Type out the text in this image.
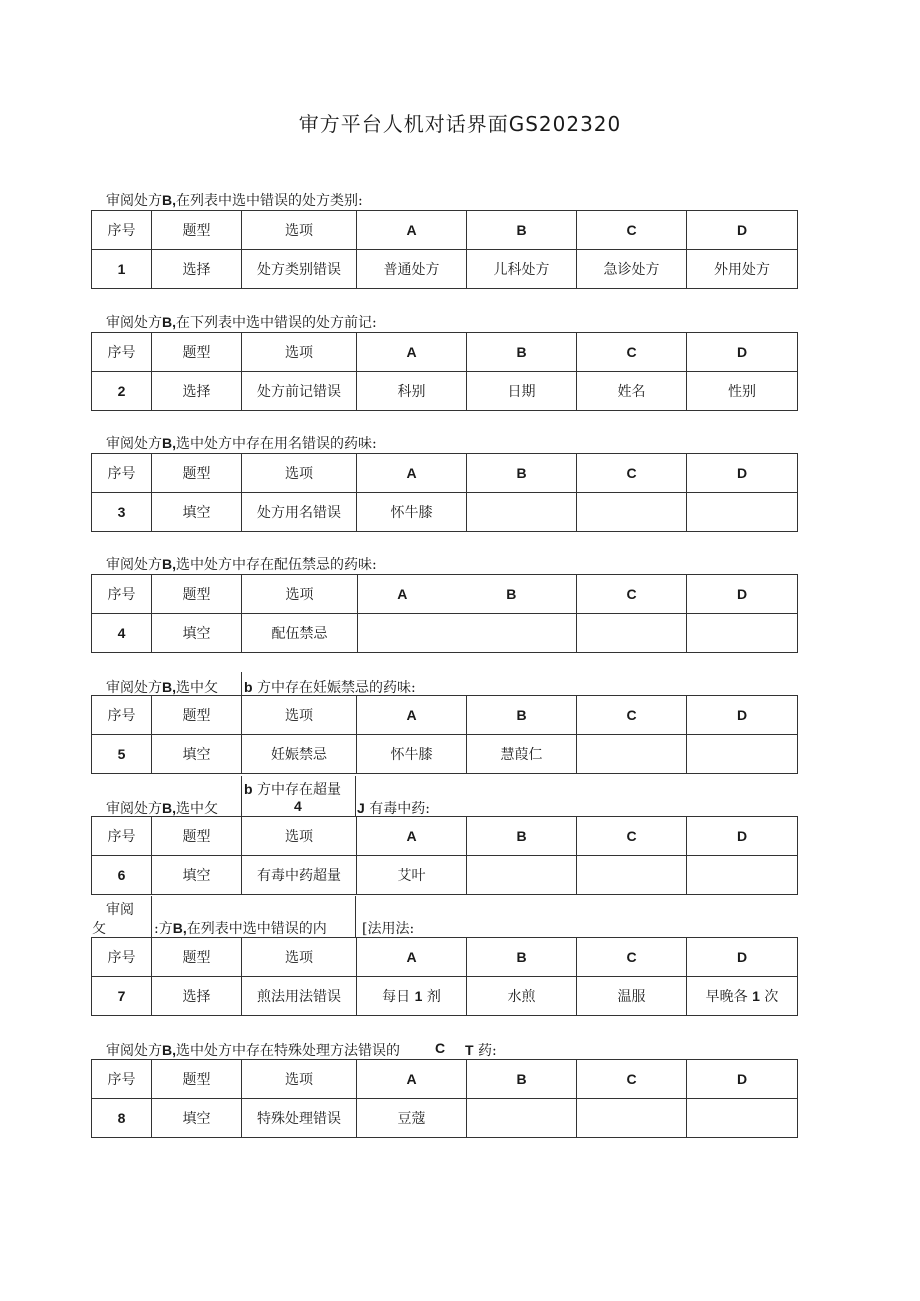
审方平台人机对话界面GS202320
审阅处方B,在列表中选中错误的处方类别:
序号	题型	选项	A	B	C	D
1	选择	处方类别错误	普通处方	儿科处方	急诊处方	外用处方
审阅处方B,在下列表中选中错误的处方前记:
序号	题型	选项	A	B	C	D
2	选择	处方前记错误	科别	日期	姓名	性别
审阅处方B,选中处方中存在用名错误的药味:
序号	题型	选项	A	B	C	D
3	填空	处方用名错误	怀牛膝			
审阅处方B,选中处方中存在配伍禁忌的药味:
序号	题型	选项	A	B	C	D
4	填空	配伍禁忌				
审阅处方B,选中攵 b 方中存在妊娠禁忌的药味:
序号	题型	选项	A	B	C	D
5	填空	妊娠禁忌	怀牛膝	慧葭仁		
b 方中存在超量
审阅处方B,选中攵	4	J 有毒中药:
序号	题型	选项	A	B	C	D
6	填空	有毒中药超量	艾叶			
审阅
攵	:方B,在列表中选中错误的内	[法用法:
序号	题型	选项	A	B	C	D
7	选择	煎法用法错误	每日 1 剂	水煎	温服	早晚各 1 次
审阅处方B,选中处方中存在特殊处理方法错误的	C T 药:
序号	题型	选项	A	B	C	D
8	填空	特殊处理错误	豆蔻			
